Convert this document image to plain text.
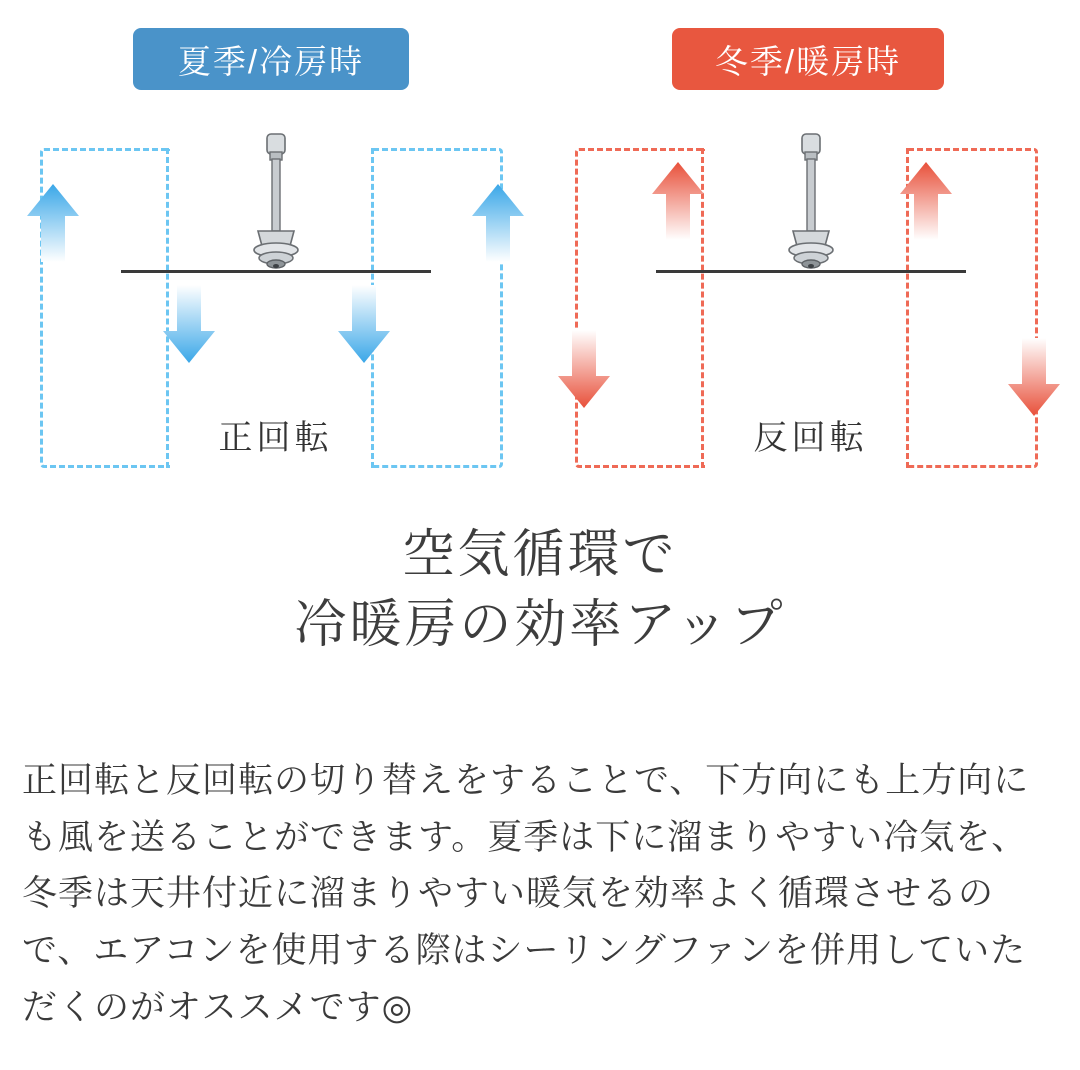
夏季/冷房時	冬季/暖房時
正回転	反回転
空気循環で
冷暖房の効率アップ

正回転と反回転の切り替えをすることで、下方向にも上方向にも風を送ることができます。夏季は下に溜まりやすい冷気を、冬季は天井付近に溜まりやすい暖気を効率よく循環させるので、エアコンを使用する際はシーリングファンを併用していただくのがオススメです◎
